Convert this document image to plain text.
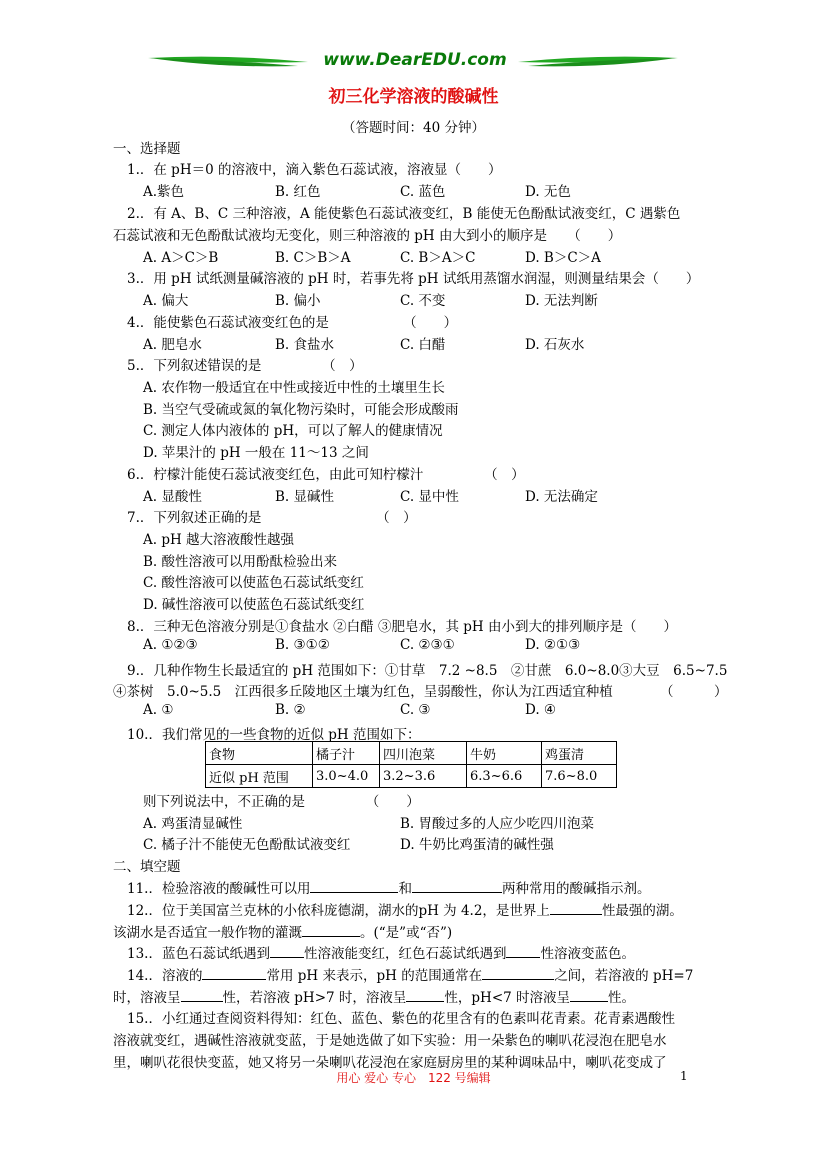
www.DearEDU.com
初三化学溶液的酸碱性
（答题时间：40 分钟）
一、选择题
1.．在 pH＝0 的溶液中，滴入紫色石蕊试液，溶液显（　　）
A.紫色	B. 红色	C. 蓝色	D. 无色
2.．有 A、B、C 三种溶液，A 能使紫色石蕊试液变红，B 能使无色酚酞试液变红，C 遇紫色
石蕊试液和无色酚酞试液均无变化，则三种溶液的 pH 由大到小的顺序是　　（　　）
A. A＞C＞B	B. C＞B＞A	C. B＞A＞C	D. B＞C＞A
3.．用 pH 试纸测量碱溶液的 pH 时，若事先将 pH 试纸用蒸馏水润湿，则测量结果会（　　）
A. 偏大	B. 偏小	C. 不变	D. 无法判断
4.．能使紫色石蕊试液变红色的是　　　　　　（　　）
A. 肥皂水	B. 食盐水	C. 白醋	D. 石灰水
5.．下列叙述错误的是　　　　　（　）
A. 农作物一般适宜在中性或接近中性的土壤里生长
B. 当空气受硫或氮的氧化物污染时，可能会形成酸雨
C. 测定人体内液体的 pH，可以了解人的健康情况
D. 苹果汁的 pH 一般在 11～13 之间
6.．柠檬汁能使石蕊试液变红色，由此可知柠檬汁　　　　　（　）
A. 显酸性	B. 显碱性	C. 显中性	D. 无法确定
7.．下列叙述正确的是　　　　　　　　　（　）
A. pH 越大溶液酸性越强
B. 酸性溶液可以用酚酞检验出来
C. 酸性溶液可以使蓝色石蕊试纸变红
D. 碱性溶液可以使蓝色石蕊试纸变红
8.．三种无色溶液分别是①食盐水 ②白醋 ③肥皂水，其 pH 由小到大的排列顺序是（　　）
A. ①②③	B. ③①②	C. ②③①	D. ②①③
9.．几种作物生长最适宜的 pH 范围如下：①甘草　7.2 ~8.5　②甘蔗　6.0~8.0③大豆　6.5~7.5
④茶树　5.0~5.5　江西很多丘陵地区土壤为红色，呈弱酸性，你认为江西适宜种植　　　　（　　　）
A. ①	B. ②	C. ③	D. ④
10.．我们常见的一些食物的近似 pH 范围如下：
食物	橘子汁	四川泡菜	牛奶	鸡蛋清
近似 pH 范围	3.0~4.0	3.2~3.6	6.3~6.6	7.6~8.0
则下列说法中，不正确的是　　　　　（　　）
A. 鸡蛋清显碱性	B. 胃酸过多的人应少吃四川泡菜
C. 橘子汁不能使无色酚酞试液变红	D. 牛奶比鸡蛋清的碱性强
二、填空题
11.．检验溶液的酸碱性可以用	和	两种常用的酸碱指示剂。
12.．位于美国富兰克林的小依科庞德湖，湖水的pH 为 4.2，是世界上	性最强的湖。
该湖水是否适宜一般作物的灌溉	。(“是”或“否”)
13.．蓝色石蕊试纸遇到	性溶液能变红，红色石蕊试纸遇到	性溶液变蓝色。
14.．溶液的	常用 pH 来表示，pH 的范围通常在	之间，若溶液的 pH=7
时，溶液呈	性，若溶液 pH>7 时，溶液呈	性，pH<7 时溶液呈	性。
15.．小红通过查阅资料得知：红色、蓝色、紫色的花里含有的色素叫花青素。花青素遇酸性
溶液就变红，遇碱性溶液就变蓝，于是她选做了如下实验：用一朵紫色的喇叭花浸泡在肥皂水
里，喇叭花很快变蓝，她又将另一朵喇叭花浸泡在家庭厨房里的某种调味品中，喇叭花变成了
用心 爱心 专心　122 号编辑	1
